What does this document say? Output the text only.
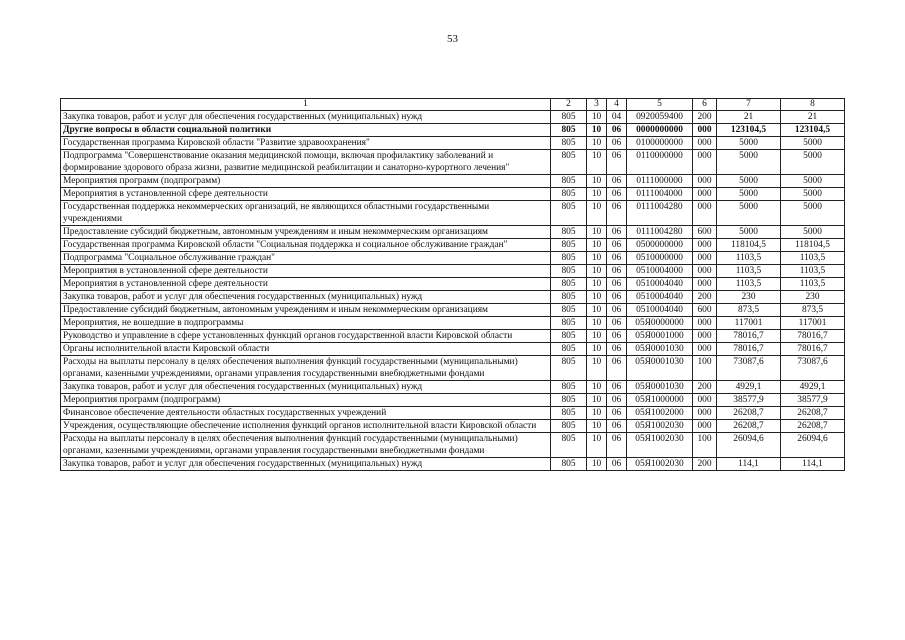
53
1	2	3	4	5	6	7	8
Закупка товаров, работ и услуг для обеспечения государственных (муниципальных) нужд	805	10	04	0920059400	200	21	21
Другие вопросы в области социальной политики	805	10	06	0000000000	000	123104,5	123104,5
Государственная программа Кировской области "Развитие здравоохранения"	805	10	06	0100000000	000	5000	5000
Подпрограмма "Совершенствование оказания медицинской помощи, включая профилактику заболеваний и формирование здорового образа жизни, развитие медицинской реабилитации и санаторно-курортного лечения"	805	10	06	0110000000	000	5000	5000
Мероприятия программ (подпрограмм)	805	10	06	0111000000	000	5000	5000
Мероприятия в установленной сфере деятельности	805	10	06	0111004000	000	5000	5000
Государственная поддержка некоммерческих организаций, не являющихся областными государственными учреждениями	805	10	06	0111004280	000	5000	5000
Предоставление субсидий бюджетным, автономным учреждениям и иным некоммерческим организациям	805	10	06	0111004280	600	5000	5000
Государственная программа Кировской области "Социальная поддержка и социальное обслуживание граждан"	805	10	06	0500000000	000	118104,5	118104,5
Подпрограмма "Социальное обслуживание граждан"	805	10	06	0510000000	000	1103,5	1103,5
Мероприятия в установленной сфере деятельности	805	10	06	0510004000	000	1103,5	1103,5
Мероприятия в установленной сфере деятельности	805	10	06	0510004040	000	1103,5	1103,5
Закупка товаров, работ и услуг для обеспечения государственных (муниципальных) нужд	805	10	06	0510004040	200	230	230
Предоставление субсидий бюджетным, автономным учреждениям и иным некоммерческим организациям	805	10	06	0510004040	600	873,5	873,5
Мероприятия, не вошедшие в подпрограммы	805	10	06	05Я0000000	000	117001	117001
Руководство и управление в сфере установленных функций органов государственной власти Кировской области	805	10	06	05Я0001000	000	78016,7	78016,7
Органы исполнительной власти Кировской области	805	10	06	05Я0001030	000	78016,7	78016,7
Расходы на выплаты персоналу в целях обеспечения выполнения функций государственными (муниципальными) органами, казенными учреждениями, органами управления государственными внебюджетными фондами	805	10	06	05Я0001030	100	73087,6	73087,6
Закупка товаров, работ и услуг для обеспечения государственных (муниципальных) нужд	805	10	06	05Я0001030	200	4929,1	4929,1
Мероприятия программ (подпрограмм)	805	10	06	05Я1000000	000	38577,9	38577,9
Финансовое обеспечение деятельности областных государственных учреждений	805	10	06	05Я1002000	000	26208,7	26208,7
Учреждения, осуществляющие обеспечение исполнения функций органов исполнительной власти Кировской области	805	10	06	05Я1002030	000	26208,7	26208,7
Расходы на выплаты персоналу в целях обеспечения выполнения функций государственными (муниципальными) органами, казенными учреждениями, органами управления государственными внебюджетными фондами	805	10	06	05Я1002030	100	26094,6	26094,6
Закупка товаров, работ и услуг для обеспечения государственных (муниципальных) нужд	805	10	06	05Я1002030	200	114,1	114,1
